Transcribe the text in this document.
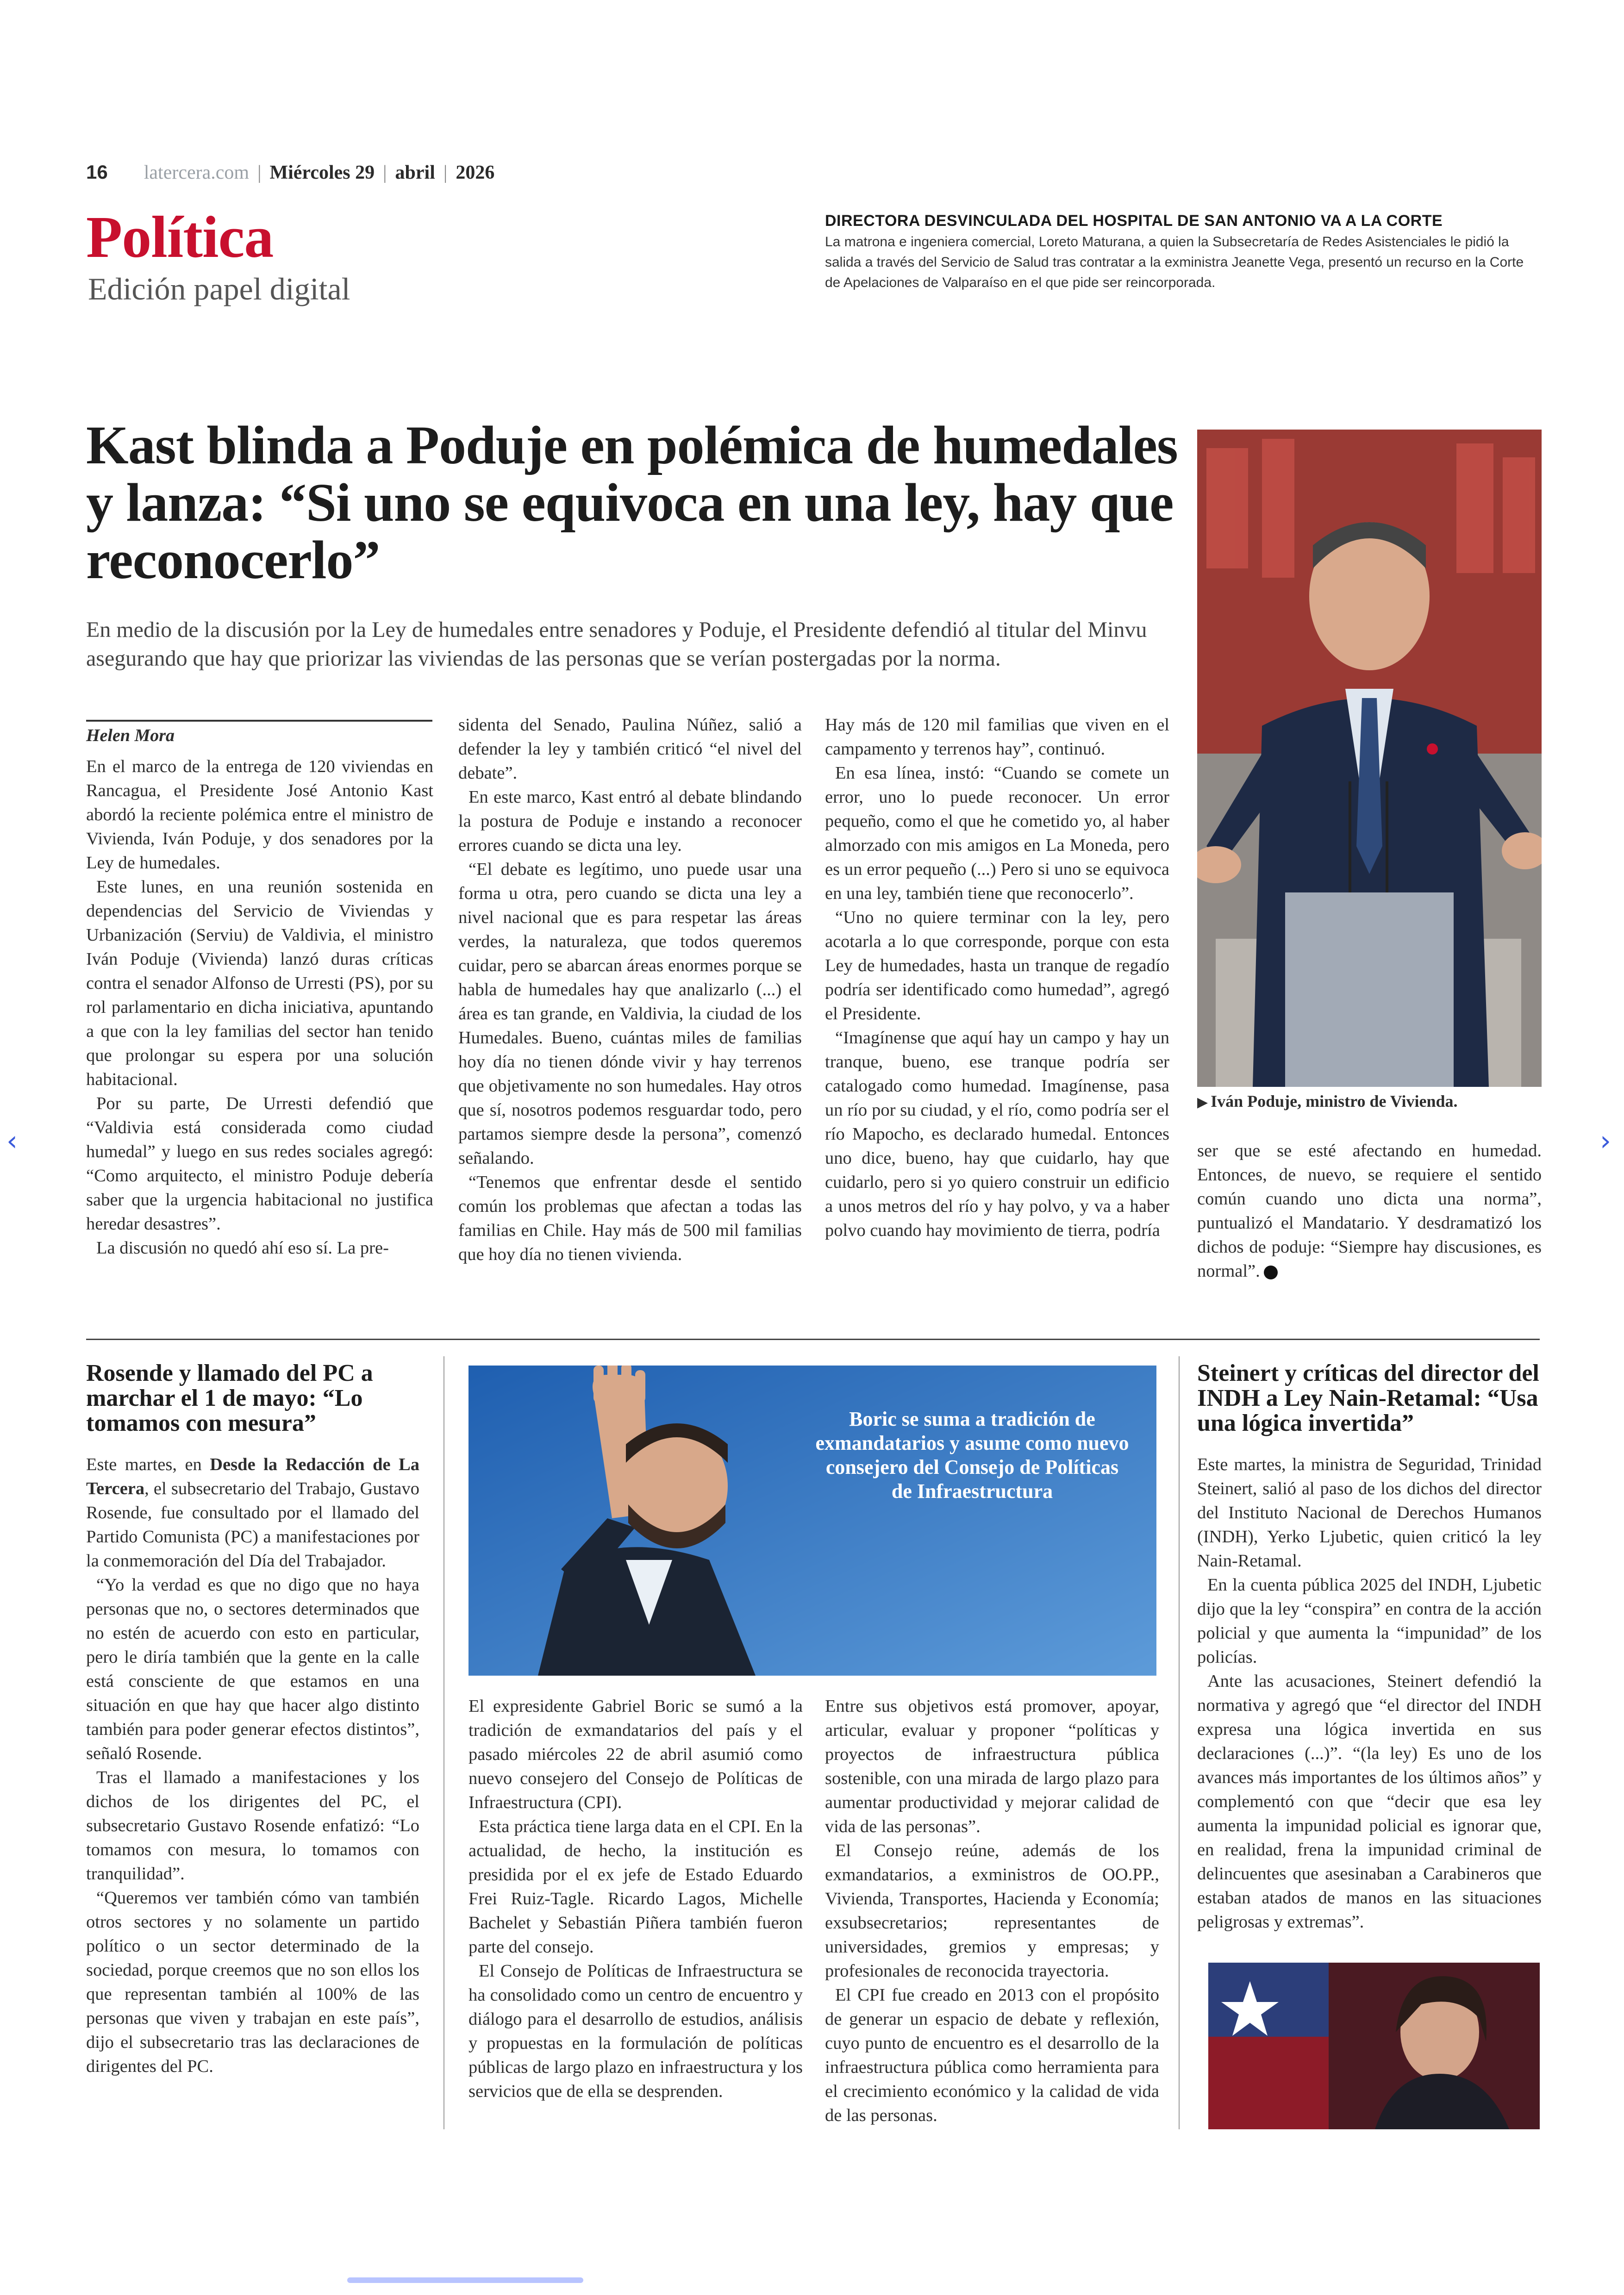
16 latercera.com | Miércoles 29 | abril | 2026
Política
Edición papel digital
DIRECTORA DESVINCULADA DEL HOSPITAL DE SAN ANTONIO VA A LA CORTE
La matrona e ingeniera comercial, Loreto Maturana, a quien la Subsecretaría de Redes Asistenciales le pidió la salida a través del Servicio de Salud tras contratar a la exministra Jeanette Vega, presentó un recurso en la Corte de Apelaciones de Valparaíso en el que pide ser reincorporada.
Kast blinda a Poduje en polémica de humedales y lanza: “Si uno se equivoca en una ley, hay que reconocerlo”
En medio de la discusión por la Ley de humedales entre senadores y Poduje, el Presidente defendió al titular del Minvu asegurando que hay que priorizar las viviendas de las personas que se verían postergadas por la norma.
Helen Mora

En el marco de la entrega de 120 viviendas en Rancagua, el Presidente José Antonio Kast abordó la reciente polémica entre el ministro de Vivienda, Iván Poduje, y dos senadores por la Ley de humedales.

Este lunes, en una reunión sostenida en dependencias del Servicio de Viviendas y Urbanización (Serviu) de Valdivia, el ministro Iván Poduje (Vivienda) lanzó duras críticas contra el senador Alfonso de Urresti (PS), por su rol parlamentario en dicha iniciativa, apuntando a que con la ley familias del sector han tenido que prolongar su espera por una solución habitacional.

Por su parte, De Urresti defendió que “Valdivia está considerada como ciudad humedal” y luego en sus redes sociales agregó: “Como arquitecto, el ministro Poduje debería saber que la urgencia habitacional no justifica heredar desastres”.

La discusión no quedó ahí eso sí. La pre-

sidenta del Senado, Paulina Núñez, salió a defender la ley y también criticó “el nivel del debate”.

En este marco, Kast entró al debate blindando la postura de Poduje e instando a reconocer errores cuando se dicta una ley.

“El debate es legítimo, uno puede usar una forma u otra, pero cuando se dicta una ley a nivel nacional que es para respetar las áreas verdes, la naturaleza, que todos queremos cuidar, pero se abarcan áreas enormes porque se habla de humedales hay que analizarlo (...) el área es tan grande, en Valdivia, la ciudad de los Humedales. Bueno, cuántas miles de familias hoy día no tienen dónde vivir y hay terrenos que objetivamente no son humedales. Hay otros que sí, nosotros podemos resguardar todo, pero partamos siempre desde la persona”, comenzó señalando.

“Tenemos que enfrentar desde el sentido común los problemas que afectan a todas las familias en Chile. Hay más de 500 mil familias que hoy día no tienen vivienda.

Hay más de 120 mil familias que viven en el campamento y terrenos hay”, continuó.

En esa línea, instó: “Cuando se comete un error, uno lo puede reconocer. Un error pequeño, como el que he cometido yo, al haber almorzado con mis amigos en La Moneda, pero es un error pequeño (...) Pero si uno se equivoca en una ley, también tiene que reconocerlo”.

“Uno no quiere terminar con la ley, pero acotarla a lo que corresponde, porque con esta Ley de humedades, hasta un tranque de regadío podría ser identificado como humedad”, agregó el Presidente.

“Imagínense que aquí hay un campo y hay un tranque, bueno, ese tranque podría ser catalogado como humedad. Imagínense, pasa un río por su ciudad, y el río, como podría ser el río Mapocho, es declarado humedal. Entonces uno dice, bueno, hay que cuidarlo, hay que cuidarlo, pero si yo quiero construir un edificio a unos metros del río y hay polvo, y va a haber polvo cuando hay movimiento de tierra, podría

▶ Iván Poduje, ministro de Vivienda.

ser que se esté afectando en humedad. Entonces, de nuevo, se requiere el sentido común cuando uno dicta una norma”, puntualizó el Mandatario. Y desdramatizó los dichos de poduje: “Siempre hay discusiones, es normal”.

Rosende y llamado del PC a marchar el 1 de mayo: “Lo tomamos con mesura”

Este martes, en Desde la Redacción de La Tercera, el subsecretario del Trabajo, Gustavo Rosende, fue consultado por el llamado del Partido Comunista (PC) a manifestaciones por la conmemoración del Día del Trabajador.

“Yo la verdad es que no digo que no haya personas que no, o sectores determinados que no estén de acuerdo con esto en particular, pero le diría también que la gente en la calle está consciente de que estamos en una situación en que hay que hacer algo distinto también para poder generar efectos distintos”, señaló Rosende.

Tras el llamado a manifestaciones y los dichos de los dirigentes del PC, el subsecretario Gustavo Rosende enfatizó: “Lo tomamos con mesura, lo tomamos con tranquilidad”.

“Queremos ver también cómo van también otros sectores y no solamente un partido político o un sector determinado de la sociedad, porque creemos que no son ellos los que representan también al 100% de las personas que viven y trabajan en este país”, dijo el subsecretario tras las declaraciones de dirigentes del PC.

Boric se suma a tradición de exmandatarios y asume como nuevo consejero del Consejo de Políticas de Infraestructura

El expresidente Gabriel Boric se sumó a la tradición de exmandatarios del país y el pasado miércoles 22 de abril asumió como nuevo consejero del Consejo de Políticas de Infraestructura (CPI).

Esta práctica tiene larga data en el CPI. En la actualidad, de hecho, la institución es presidida por el ex jefe de Estado Eduardo Frei Ruiz-Tagle. Ricardo Lagos, Michelle Bachelet y Sebastián Piñera también fueron parte del consejo.

El Consejo de Políticas de Infraestructura se ha consolidado como un centro de encuentro y diálogo para el desarrollo de estudios, análisis y propuestas en la formulación de políticas públicas de largo plazo en infraestructura y los servicios que de ella se desprenden.

Entre sus objetivos está promover, apoyar, articular, evaluar y proponer “políticas y proyectos de infraestructura pública sostenible, con una mirada de largo plazo para aumentar productividad y mejorar calidad de vida de las personas”.

El Consejo reúne, además de los exmandatarios, a exministros de OO.PP., Vivienda, Transportes, Hacienda y Economía; exsubsecretarios; representantes de universidades, gremios y empresas; y profesionales de reconocida trayectoria.

El CPI fue creado en 2013 con el propósito de generar un espacio de debate y reflexión, cuyo punto de encuentro es el desarrollo de la infraestructura pública como herramienta para el crecimiento económico y la calidad de vida de las personas.

Steinert y críticas del director del INDH a Ley Nain-Retamal: “Usa una lógica invertida”

Este martes, la ministra de Seguridad, Trinidad Steinert, salió al paso de los dichos del director del Instituto Nacional de Derechos Humanos (INDH), Yerko Ljubetic, quien criticó la ley Nain-Retamal.

En la cuenta pública 2025 del INDH, Ljubetic dijo que la ley “conspira” en contra de la acción policial y que aumenta la “impunidad” de los policías.

Ante las acusaciones, Steinert defendió la normativa y agregó que “el director del INDH expresa una lógica invertida en sus declaraciones (...)”. “(la ley) Es uno de los avances más importantes de los últimos años” y complementó con que “decir que esa ley aumenta la impunidad policial es ignorar que, en realidad, frena la impunidad criminal de delincuentes que asesinaban a Carabineros que estaban atados de manos en las situaciones peligrosas y extremas”.

‹	›
